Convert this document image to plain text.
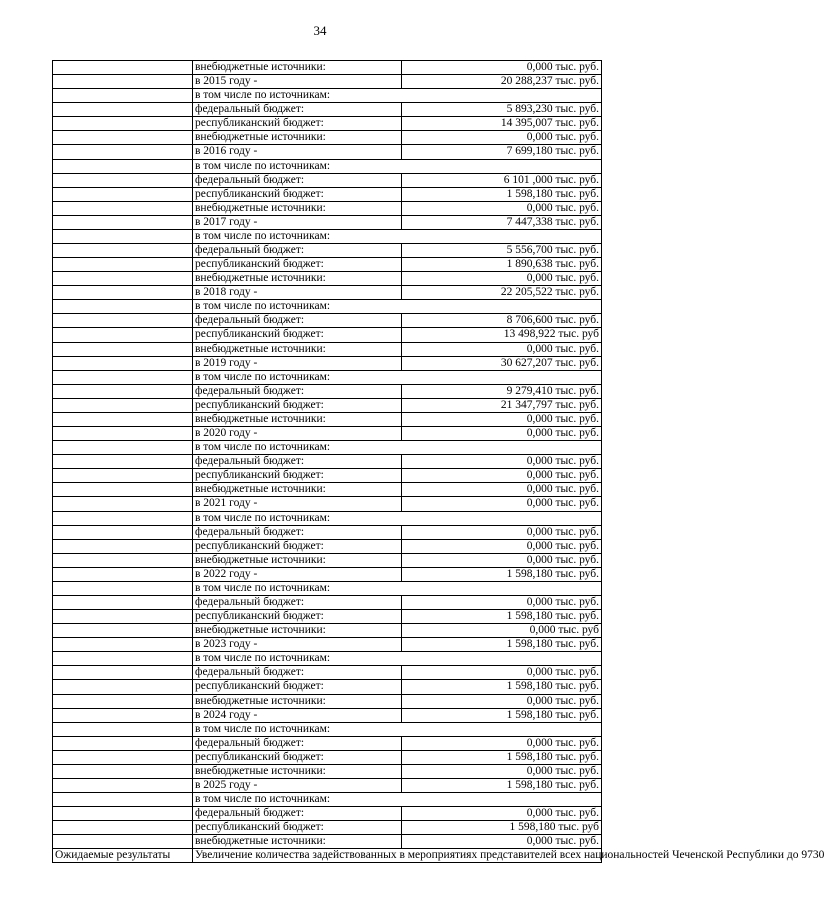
34
	внебюджетные источники:	0,000 тыс. руб.
	в 2015 году -	20 288,237 тыс. руб.
	в том числе по источникам:	
	федеральный бюджет:	5 893,230 тыс. руб.
	республиканский бюджет:	14 395,007 тыс. руб.
	внебюджетные источники:	0,000 тыс. руб.
	в 2016 году -	7 699,180 тыс. руб.
	в том числе по источникам:	
	федеральный бюджет:	6 101 ,000 тыс. руб.
	республиканский бюджет:	1 598,180 тыс. руб.
	внебюджетные источники:	0,000 тыс. руб.
	в 2017 году -	7 447,338 тыс. руб.
	в том числе по источникам:	
	федеральный бюджет:	5 556,700 тыс. руб.
	республиканский бюджет:	1 890,638 тыс. руб.
	внебюджетные источники:	0,000 тыс. руб.
	в 2018 году -	22 205,522 тыс. руб.
	в том числе по источникам:	
	федеральный бюджет:	8 706,600 тыс. руб.
	республиканский бюджет:	13 498,922 тыс. руб
	внебюджетные источники:	0,000 тыс. руб.
	в 2019 году -	30 627,207 тыс. руб.
	в том числе по источникам:	
	федеральный бюджет:	9 279,410 тыс. руб.
	республиканский бюджет:	21 347,797 тыс. руб.
	внебюджетные источники:	0,000 тыс. руб.
	в 2020 году -	0,000 тыс. руб.
	в том числе по источникам:	
	федеральный бюджет:	0,000 тыс. руб.
	республиканский бюджет:	0,000 тыс. руб.
	внебюджетные источники:	0,000 тыс. руб.
	в 2021 году -	0,000 тыс. руб.
	в том числе по источникам:	
	федеральный бюджет:	0,000 тыс. руб.
	республиканский бюджет:	0,000 тыс. руб.
	внебюджетные источники:	0,000 тыс. руб.
	в 2022 году -	1 598,180 тыс. руб.
	в том числе по источникам:	
	федеральный бюджет:	0,000 тыс. руб.
	республиканский бюджет:	1 598,180 тыс. руб.
	внебюджетные источники:	0,000 тыс. руб
	в 2023 году -	1 598,180 тыс. руб.
	в том числе по источникам:	
	федеральный бюджет:	0,000 тыс. руб.
	республиканский бюджет:	1 598,180 тыс. руб.
	внебюджетные источники:	0,000 тыс. руб.
	в 2024 году -	1 598,180 тыс. руб.
	в том числе по источникам:	
	федеральный бюджет:	0,000 тыс. руб.
	республиканский бюджет:	1 598,180 тыс. руб.
	внебюджетные источники:	0,000 тыс. руб.
	в 2025 году -	1 598,180 тыс. руб.
	в том числе по источникам:	
	федеральный бюджет:	0,000 тыс. руб.
	республиканский бюджет:	1 598,180 тыс. руб
	внебюджетные источники:	0,000 тыс. руб.
Ожидаемые результаты	Увеличение количества задействованных в мероприятиях представителей всех национальностей Чеченской Республики до 9730	
